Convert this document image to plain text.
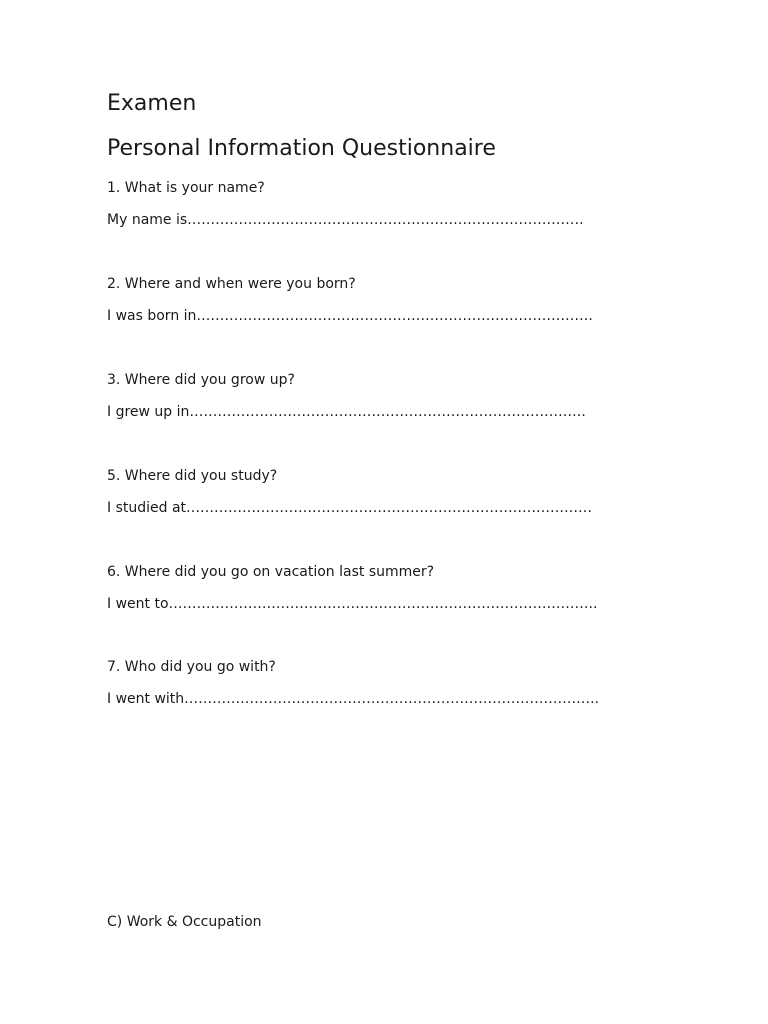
Examen
Personal Information Questionnaire
1. What is your name?
My name is………………………………………………………………………….
2. Where and when were you born?
I was born in………………………………………………………………………….
3. Where did you grow up?
I grew up in………………………………………………………………………….
5. Where did you study?
I studied at……………………………………………………………………………
6. Where did you go on vacation last summer?
I went to………………………………………………………………………………..
7. Who did you go with?
I went with……………………………………………………………………………..
C) Work & Occupation
